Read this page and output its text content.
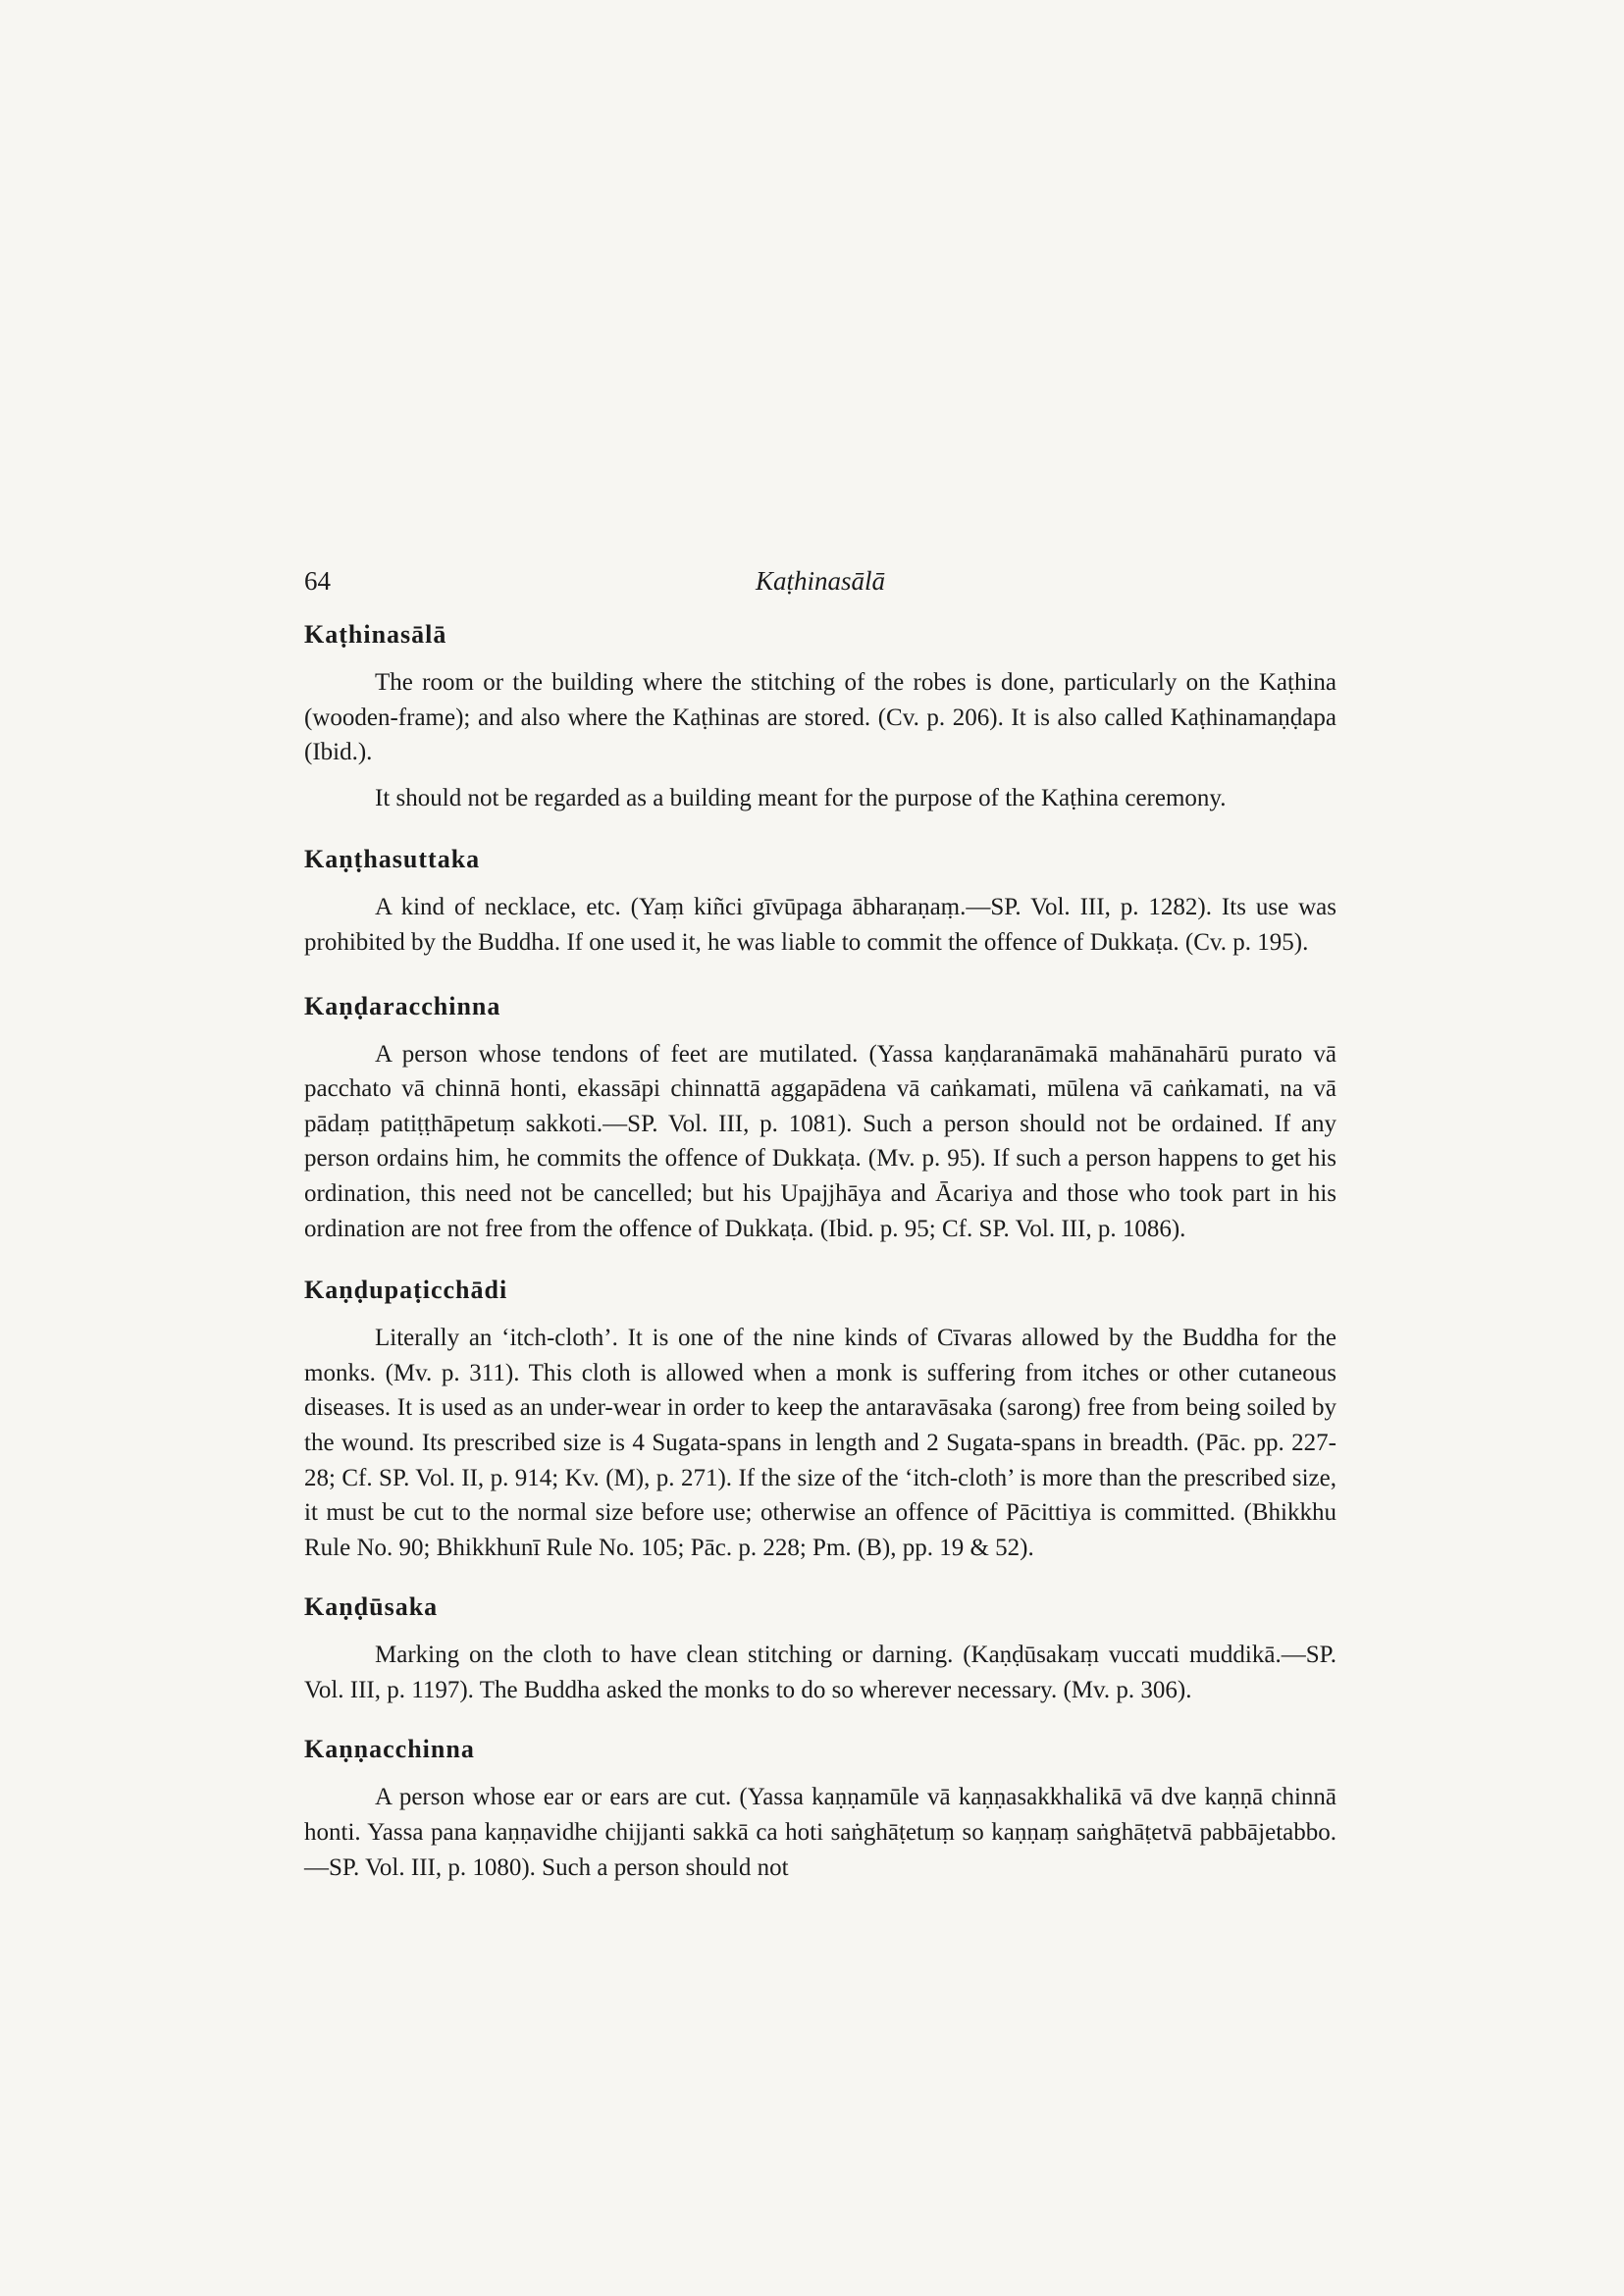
64	Kaṭhinasālā
Kaṭhinasālā

The room or the building where the stitching of the robes is done, particularly on the Kaṭhina (wooden-frame); and also where the Kaṭhinas are stored. (Cv. p. 206). It is also called Kaṭhinamaṇḍapa (Ibid.).

It should not be regarded as a building meant for the purpose of the Kaṭhina ceremony.

Kaṇṭhasuttaka

A kind of necklace, etc. (Yaṃ kiñci gīvūpaga ābharaṇaṃ.—SP. Vol. III, p. 1282). Its use was prohibited by the Buddha. If one used it, he was liable to commit the offence of Dukkaṭa. (Cv. p. 195).

Kaṇḍaracchinna

A person whose tendons of feet are mutilated. (Yassa kaṇḍaranāmakā mahānahārū purato vā pacchato vā chinnā honti, ekassāpi chinnattā aggapādena vā caṅkamati, mūlena vā caṅkamati, na vā pādaṃ patiṭṭhāpetuṃ sakkoti.—SP. Vol. III, p. 1081). Such a person should not be ordained. If any person ordains him, he commits the offence of Dukkaṭa. (Mv. p. 95). If such a person happens to get his ordination, this need not be cancelled; but his Upajjhāya and Ācariya and those who took part in his ordination are not free from the offence of Dukkaṭa. (Ibid. p. 95; Cf. SP. Vol. III, p. 1086).

Kaṇḍupaṭicchādi

Literally an ‘itch-cloth’. It is one of the nine kinds of Cīvaras allowed by the Buddha for the monks. (Mv. p. 311). This cloth is allowed when a monk is suffering from itches or other cutaneous diseases. It is used as an under-wear in order to keep the antaravāsaka (sarong) free from being soiled by the wound. Its prescribed size is 4 Sugata-spans in length and 2 Sugata-spans in breadth. (Pāc. pp. 227-28; Cf. SP. Vol. II, p. 914; Kv. (M), p. 271). If the size of the ‘itch-cloth’ is more than the prescribed size, it must be cut to the normal size before use; otherwise an offence of Pācittiya is committed. (Bhikkhu Rule No. 90; Bhikkhunī Rule No. 105; Pāc. p. 228; Pm. (B), pp. 19 & 52).

Kaṇḍūsaka

Marking on the cloth to have clean stitching or darning. (Kaṇḍūsakaṃ vuccati muddikā.—SP. Vol. III, p. 1197). The Buddha asked the monks to do so wherever necessary. (Mv. p. 306).

Kaṇṇacchinna

A person whose ear or ears are cut. (Yassa kaṇṇamūle vā kaṇṇasakkhalikā vā dve kaṇṇā chinnā honti. Yassa pana kaṇṇavidhe chijjanti sakkā ca hoti saṅghāṭetuṃ so kaṇṇaṃ saṅghāṭetvā pabbājetabbo.—SP. Vol. III, p. 1080). Such a person should not
